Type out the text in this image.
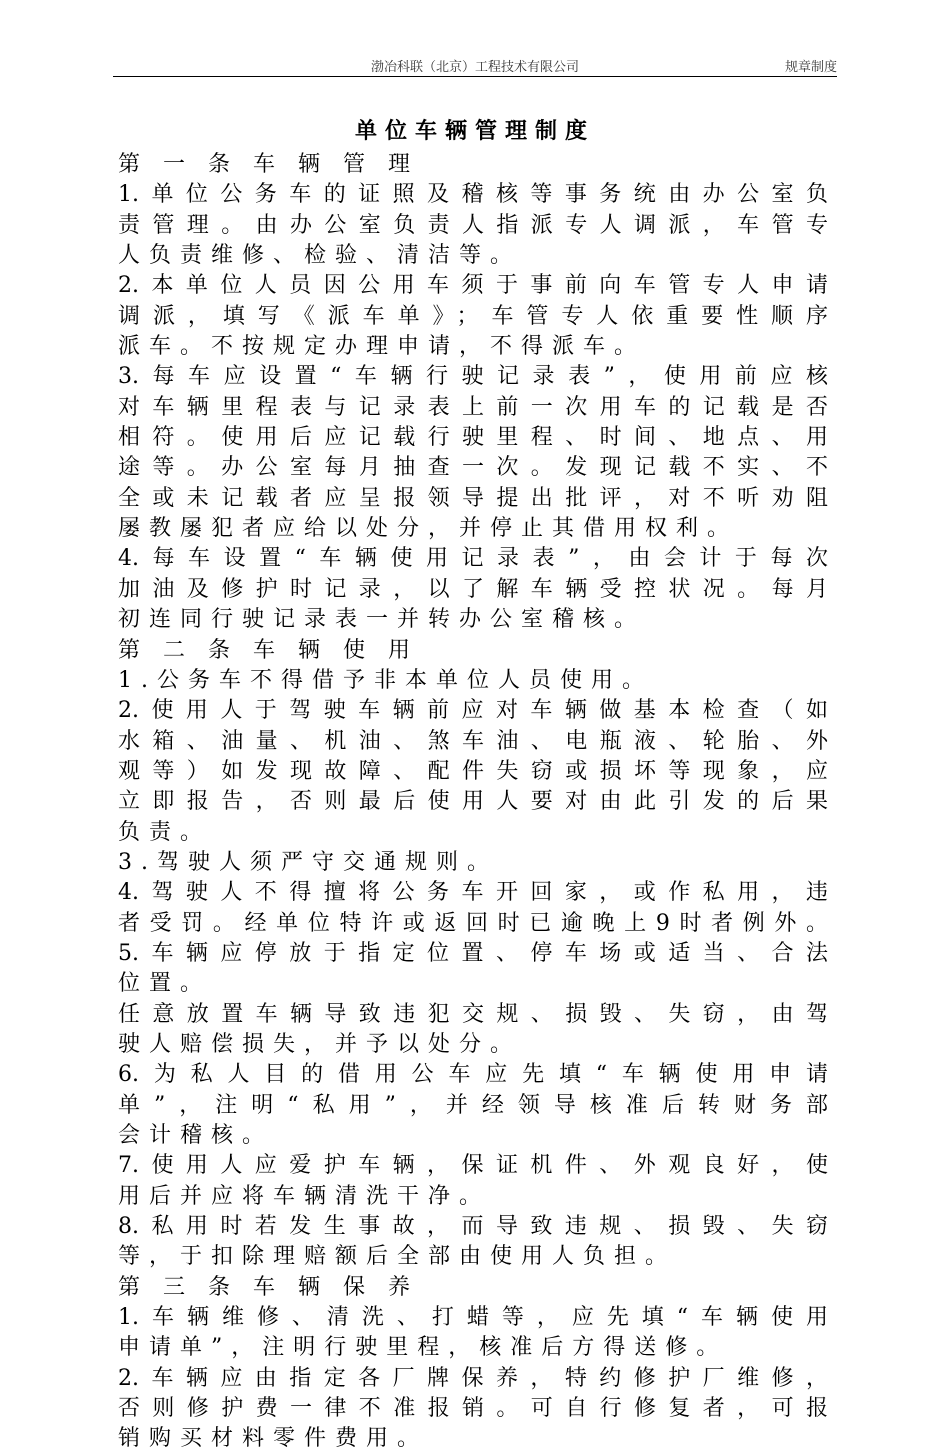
渤冶科联（北京）工程技术有限公司	规章制度
单位车辆管理制度
第 一 条 车 辆 管 理
1.单位公务车的证照及稽核等事务统由办公室负
责管理。由办公室负责人指派专人调派，车管专
人负责维修、检验、清洁等。
2.本单位人员因公用车须于事前向车管专人申请
调派，填写《派车单》；车管专人依重要性顺序
派车。不按规定办理申请，不得派车。
3.每车应设置“车辆行驶记录表”，使用前应核
对车辆里程表与记录表上前一次用车的记载是否
相符。使用后应记载行驶里程、时间、地点、用
途等。办公室每月抽查一次。发现记载不实、不
全或未记载者应呈报领导提出批评，对不听劝阻
屡教屡犯者应给以处分，并停止其借用权利。
4.每车设置“车辆使用记录表”，由会计于每次
加油及修护时记录，以了解车辆受控状况。每月
初连同行驶记录表一并转办公室稽核。
第 二 条 车 辆 使 用
1.公务车不得借予非本单位人员使用。
2.使用人于驾驶车辆前应对车辆做基本检查（如
水箱、油量、机油、煞车油、电瓶液、轮胎、外
观等）如发现故障、配件失窃或损坏等现象，应
立即报告，否则最后使用人要对由此引发的后果
负责。
3.驾驶人须严守交通规则。
4.驾驶人不得擅将公务车开回家，或作私用，违
者受罚。经单位特许或返回时已逾晚上9时者例外。
5.车辆应停放于指定位置、停车场或适当、合法
位置。
任意放置车辆导致违犯交规、损毁、失窃，由驾
驶人赔偿损失，并予以处分。
6.为私人目的借用公车应先填“车辆使用申请
单”，注明“私用”，并经领导核准后转财务部
会计稽核。
7.使用人应爱护车辆，保证机件、外观良好，使
用后并应将车辆清洗干净。
8.私用时若发生事故，而导致违规、损毁、失窃
等，于扣除理赔额后全部由使用人负担。
第 三 条 车 辆 保 养
1.车辆维修、清洗、打蜡等，应先填“车辆使用
申请单”，注明行驶里程，核准后方得送修。
2.车辆应由指定各厂牌保养，特约修护厂维修，
否则修护费一律不准报销。可自行修复者，可报
销购买材料零件费用。
